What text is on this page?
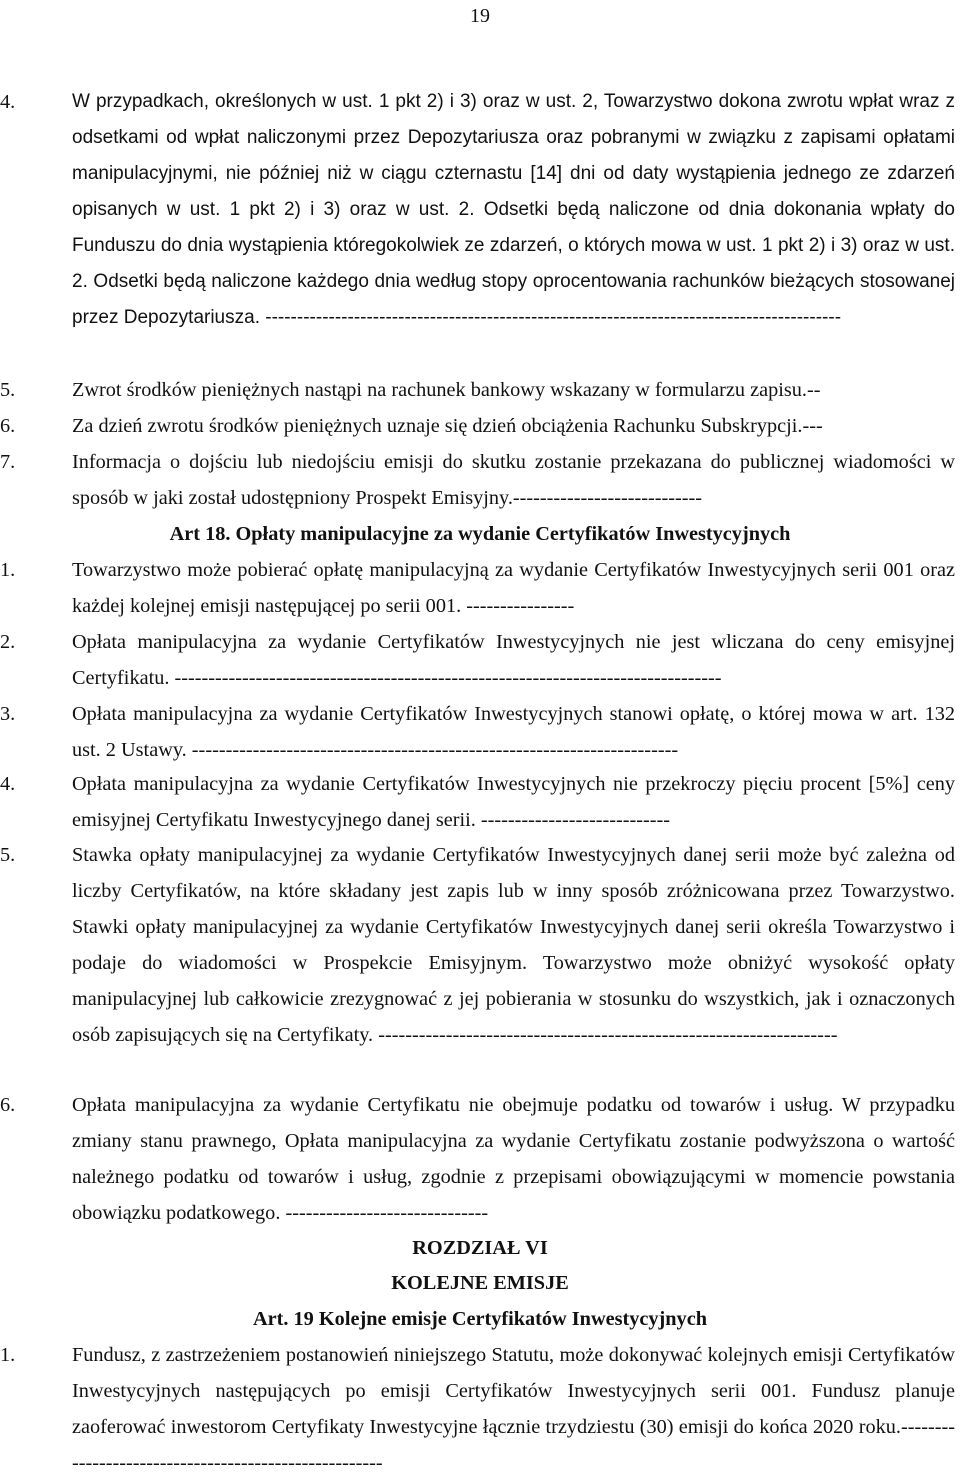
19
4.	W przypadkach, określonych w ust. 1 pkt 2) i 3) oraz w ust. 2, Towarzystwo dokona zwrotu wpłat wraz z odsetkami od wpłat naliczonymi przez Depozytariusza oraz pobranymi w związku z zapisami opłatami manipulacyjnymi, nie później niż w ciągu czternastu [14] dni od daty wystąpienia jednego ze zdarzeń opisanych w ust. 1 pkt 2) i 3) oraz w ust. 2. Odsetki będą naliczone od dnia dokonania wpłaty do Funduszu do dnia wystąpienia któregokolwiek ze zdarzeń, o których mowa w ust. 1 pkt 2) i 3) oraz w ust. 2. Odsetki będą naliczone każdego dnia według stopy oprocentowania rachunków bieżących stosowanej przez Depozytariusza. -------------------------------------------------------------------------------------------
5.	Zwrot środków pieniężnych nastąpi na rachunek bankowy wskazany w formularzu zapisu.--
6.	Za dzień zwrotu środków pieniężnych uznaje się dzień obciążenia Rachunku Subskrypcji.---
7.	Informacja o dojściu lub niedojściu emisji do skutku zostanie przekazana do publicznej wiadomości w sposób w jaki został udostępniony Prospekt Emisyjny.----------------------------
Art 18. Opłaty manipulacyjne za wydanie Certyfikatów Inwestycyjnych
1.	Towarzystwo może pobierać opłatę manipulacyjną za wydanie Certyfikatów Inwestycyjnych serii 001 oraz każdej kolejnej emisji następującej po serii 001. ----------------
2.	Opłata manipulacyjna za wydanie Certyfikatów Inwestycyjnych nie jest wliczana do ceny emisyjnej Certyfikatu. ---------------------------------------------------------------------------------
3.	Opłata manipulacyjna za wydanie Certyfikatów Inwestycyjnych stanowi opłatę, o której mowa w art. 132 ust. 2 Ustawy. ------------------------------------------------------------------------
4.	Opłata manipulacyjna za wydanie Certyfikatów Inwestycyjnych nie przekroczy pięciu procent [5%] ceny emisyjnej Certyfikatu Inwestycyjnego danej serii. ----------------------------
5.	Stawka opłaty manipulacyjnej za wydanie Certyfikatów Inwestycyjnych danej serii może być zależna od liczby Certyfikatów, na które składany jest zapis lub w inny sposób zróżnicowana przez Towarzystwo. Stawki opłaty manipulacyjnej za wydanie Certyfikatów Inwestycyjnych danej serii określa Towarzystwo i podaje do wiadomości w Prospekcie Emisyjnym. Towarzystwo może obniżyć wysokość opłaty manipulacyjnej lub całkowicie zrezygnować z jej pobierania w stosunku do wszystkich, jak i oznaczonych osób zapisujących się na Certyfikaty. --------------------------------------------------------------------
6.	Opłata manipulacyjna za wydanie Certyfikatu nie obejmuje podatku od towarów i usług. W przypadku zmiany stanu prawnego, Opłata manipulacyjna za wydanie Certyfikatu zostanie podwyższona o wartość należnego podatku od towarów i usług, zgodnie z przepisami obowiązującymi w momencie powstania obowiązku podatkowego. ------------------------------
ROZDZIAŁ VI
KOLEJNE EMISJE
Art. 19 Kolejne emisje Certyfikatów Inwestycyjnych
1.	Fundusz, z zastrzeżeniem postanowień niniejszego Statutu, może dokonywać kolejnych emisji Certyfikatów Inwestycyjnych następujących po emisji Certyfikatów Inwestycyjnych serii 001. Fundusz planuje zaoferować inwestorom Certyfikaty Inwestycyjne łącznie trzydziestu (30) emisji do końca 2020 roku.------------------------------------------------------
